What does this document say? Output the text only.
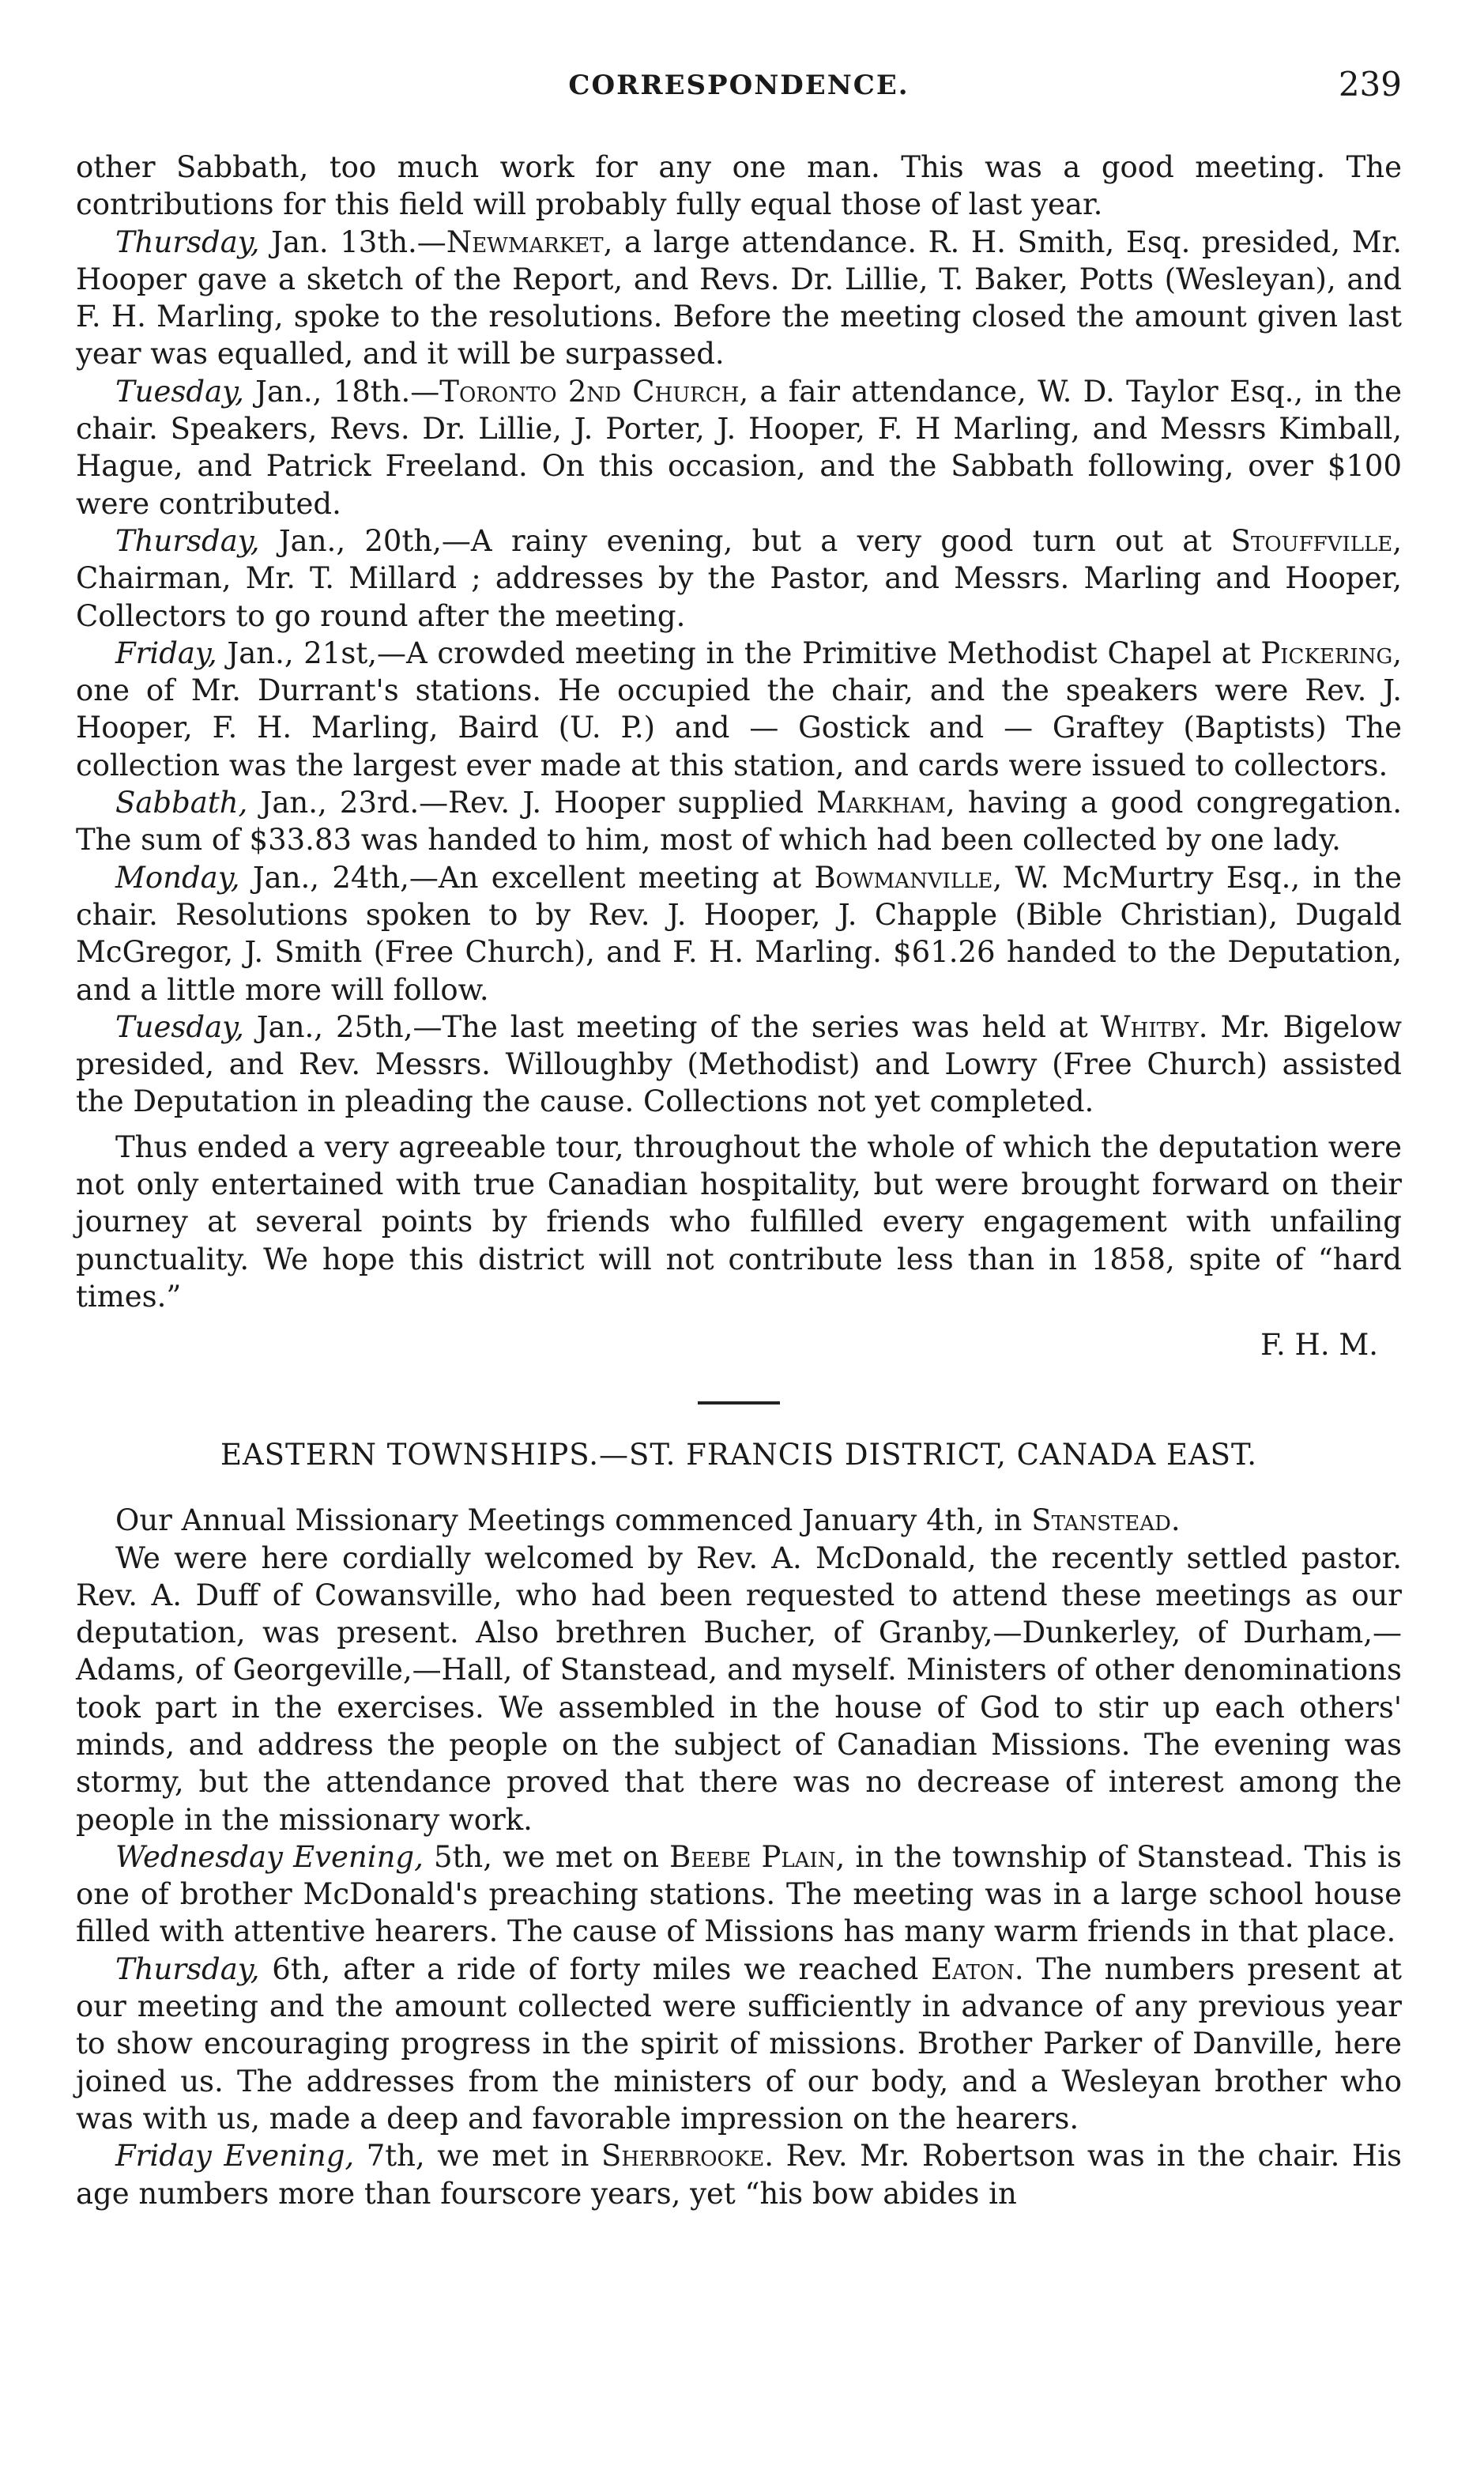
CORRESPONDENCE.	239

other Sabbath, too much work for any one man. This was a good meeting. The contributions for this field will probably fully equal those of last year.

Thursday, Jan. 13th.—Newmarket, a large attendance. R. H. Smith, Esq. presided, Mr. Hooper gave a sketch of the Report, and Revs. Dr. Lillie, T. Baker, Potts (Wesleyan), and F. H. Marling, spoke to the resolutions. Before the meeting closed the amount given last year was equalled, and it will be surpassed.

Tuesday, Jan., 18th.—Toronto 2nd Church, a fair attendance, W. D. Taylor Esq., in the chair. Speakers, Revs. Dr. Lillie, J. Porter, J. Hooper, F. H Marling, and Messrs Kimball, Hague, and Patrick Freeland. On this occasion, and the Sabbath following, over $100 were contributed.

Thursday, Jan., 20th,—A rainy evening, but a very good turn out at Stouffville, Chairman, Mr. T. Millard ; addresses by the Pastor, and Messrs. Marling and Hooper, Collectors to go round after the meeting.

Friday, Jan., 21st,—A crowded meeting in the Primitive Methodist Chapel at Pickering, one of Mr. Durrant's stations. He occupied the chair, and the speakers were Rev. J. Hooper, F. H. Marling, Baird (U. P.) and — Gostick and — Graftey (Baptists) The collection was the largest ever made at this station, and cards were issued to collectors.

Sabbath, Jan., 23rd.—Rev. J. Hooper supplied Markham, having a good congregation. The sum of $33.83 was handed to him, most of which had been collected by one lady.

Monday, Jan., 24th,—An excellent meeting at Bowmanville, W. McMurtry Esq., in the chair. Resolutions spoken to by Rev. J. Hooper, J. Chapple (Bible Christian), Dugald McGregor, J. Smith (Free Church), and F. H. Marling. $61.26 handed to the Deputation, and a little more will follow.

Tuesday, Jan., 25th,—The last meeting of the series was held at Whitby. Mr. Bigelow presided, and Rev. Messrs. Willoughby (Methodist) and Lowry (Free Church) assisted the Deputation in pleading the cause. Collections not yet completed.

Thus ended a very agreeable tour, throughout the whole of which the deputation were not only entertained with true Canadian hospitality, but were brought forward on their journey at several points by friends who fulfilled every engagement with unfailing punctuality. We hope this district will not contribute less than in 1858, spite of “hard times.”

F. H. M.

EASTERN TOWNSHIPS.—ST. FRANCIS DISTRICT, CANADA EAST.

Our Annual Missionary Meetings commenced January 4th, in Stanstead.

We were here cordially welcomed by Rev. A. McDonald, the recently settled pastor. Rev. A. Duff of Cowansville, who had been requested to attend these meetings as our deputation, was present. Also brethren Bucher, of Granby,—Dunkerley, of Durham,—Adams, of Georgeville,—Hall, of Stanstead, and myself. Ministers of other denominations took part in the exercises. We assembled in the house of God to stir up each others' minds, and address the people on the subject of Canadian Missions. The evening was stormy, but the attendance proved that there was no decrease of interest among the people in the missionary work.

Wednesday Evening, 5th, we met on Beebe Plain, in the township of Stanstead. This is one of brother McDonald's preaching stations. The meeting was in a large school house filled with attentive hearers. The cause of Missions has many warm friends in that place.

Thursday, 6th, after a ride of forty miles we reached Eaton. The numbers present at our meeting and the amount collected were sufficiently in advance of any previous year to show encouraging progress in the spirit of missions. Brother Parker of Danville, here joined us. The addresses from the ministers of our body, and a Wesleyan brother who was with us, made a deep and favorable impression on the hearers.

Friday Evening, 7th, we met in Sherbrooke. Rev. Mr. Robertson was in the chair. His age numbers more than fourscore years, yet “his bow abides in
